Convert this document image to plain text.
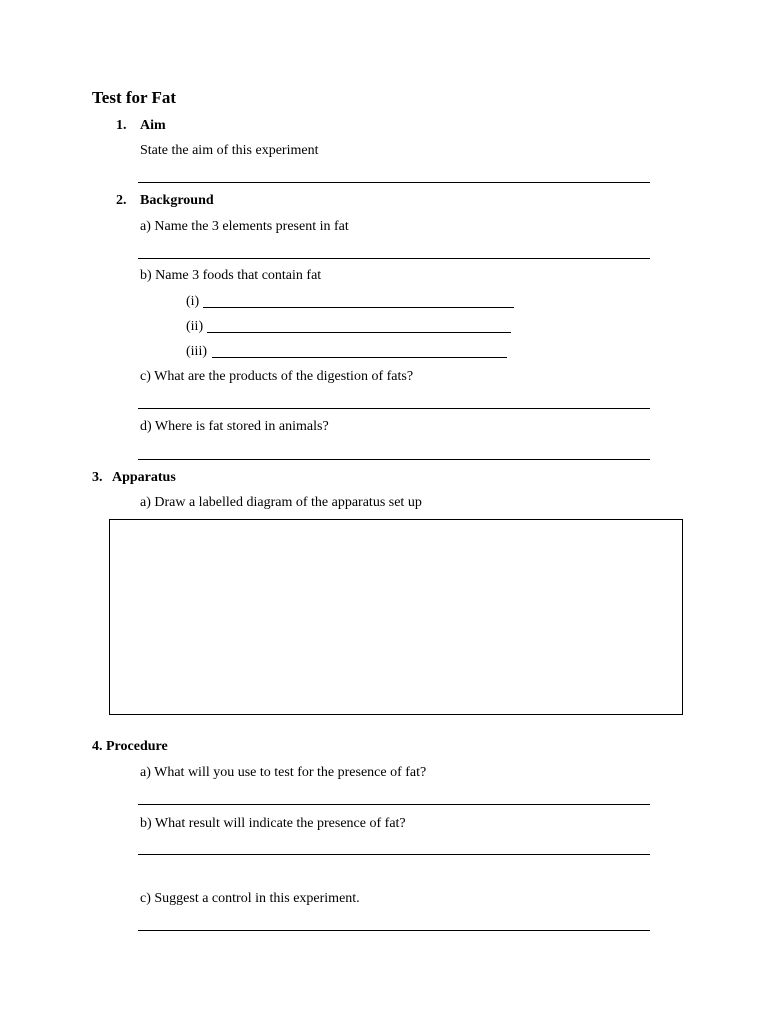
Test for Fat
1. Aim
State the aim of this experiment
2. Background
a) Name the 3 elements present in fat
b) Name 3 foods that contain fat
(i)
(ii)
(iii)
c) What are the products of the digestion of fats?
d) Where is fat stored in animals?
3. Apparatus
a) Draw a labelled diagram of the apparatus set up
4. Procedure
a) What will you use to test for the presence of fat?
b) What result will indicate the presence of fat?
c) Suggest a control in this experiment.
